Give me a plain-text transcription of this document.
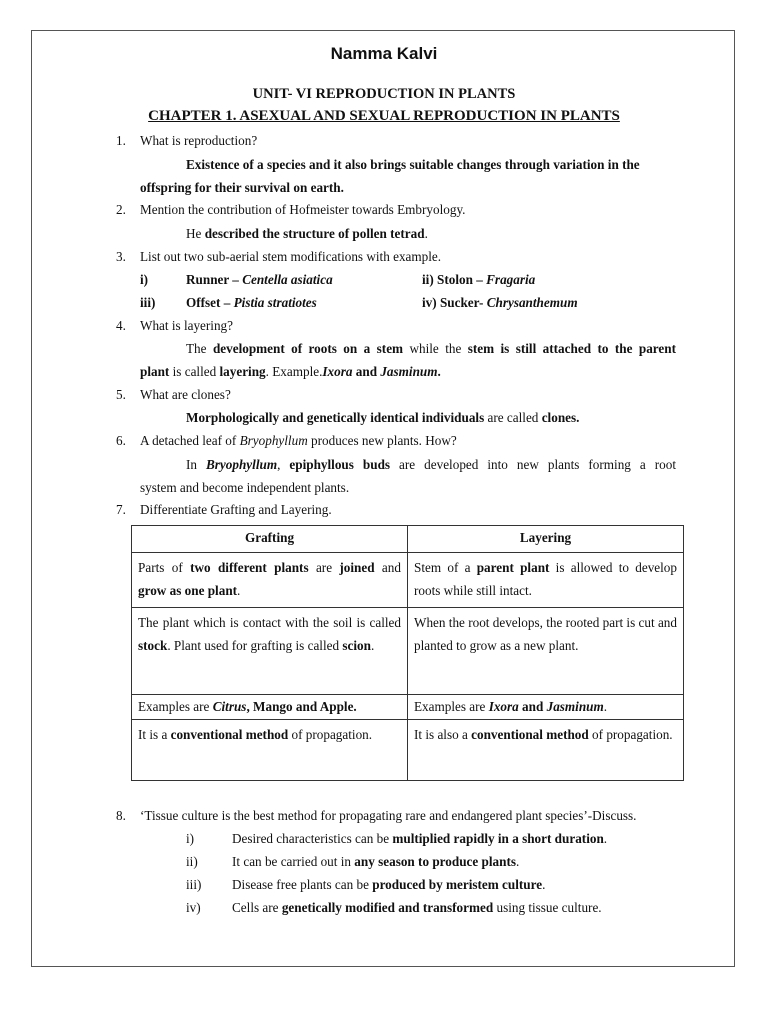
Namma Kalvi
UNIT- VI REPRODUCTION IN PLANTS
CHAPTER 1. ASEXUAL AND SEXUAL REPRODUCTION IN PLANTS
1. What is reproduction?
Existence of a species and it also brings suitable changes through variation in the
offspring for their survival on earth.
2. Mention the contribution of Hofmeister towards Embryology.
He described the structure of pollen tetrad.
3. List out two sub-aerial stem modifications with example.
i)	Runner – Centella asiatica	ii) Stolon – Fragaria
iii) Offset – Pistia stratiotes	iv) Sucker- Chrysanthemum
4. What is layering?
The development of roots on a stem while the stem is still attached to the parent
plant is called layering. Example.Ixora and Jasminum.
5. What are clones?
Morphologically and genetically identical individuals are called clones.
6. A detached leaf of Bryophyllum produces new plants. How?
In Bryophyllum, epiphyllous buds are developed into new plants forming a root
system and become independent plants.
7. Differentiate Grafting and Layering.
Grafting	Layering
Parts of two different plants are joined and grow as one plant.	Stem of a parent plant is allowed to develop roots while still intact.
The plant which is contact with the soil is called stock. Plant used for grafting is called scion.	When the root develops, the rooted part is cut and planted to grow as a new plant.
Examples are Citrus, Mango and Apple.	Examples are Ixora and Jasminum.
It is a conventional method of propagation.	It is also a conventional method of propagation.
8. ‘Tissue culture is the best method for propagating rare and endangered plant species’-Discuss.
i)	Desired characteristics can be multiplied rapidly in a short duration.
ii)	It can be carried out in any season to produce plants.
iii) Disease free plants can be produced by meristem culture.
iv) Cells are genetically modified and transformed using tissue culture.
